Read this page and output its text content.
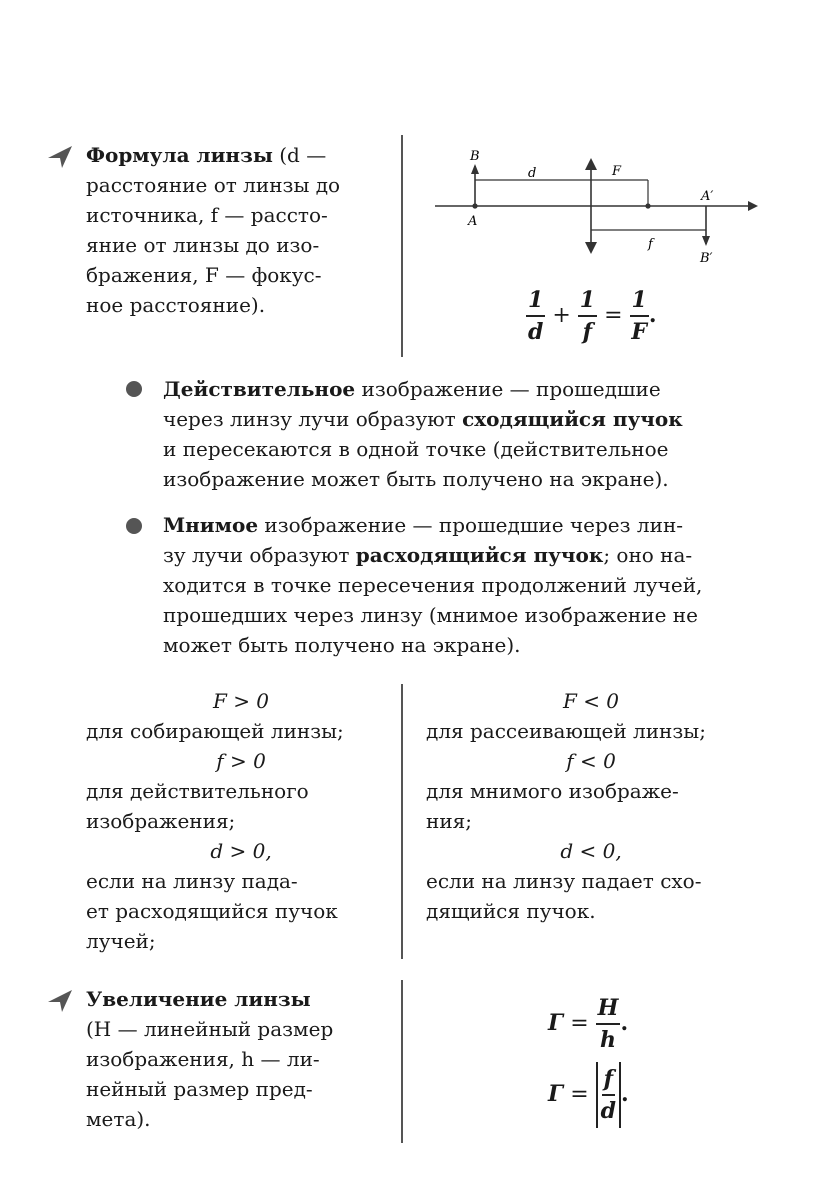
Формула линзы (d —
расстояние от линзы до
источника, f — рассто-
яние от линзы до изо-
бражения, F — фокус-
ное расстояние).
B
A
d	F
A′
f
B′
$\frac{1}{d} + \frac{1}{f} = \frac{1}{F}$ .
Действительное изображение — прошедшие
через линзу лучи образуют сходящийся пучок
и пересекаются в одной точке (действительное
изображение может быть получено на экране).
Мнимое изображение — прошедшие через лин-
зу лучи образуют расходящийся пучок; оно на-
ходится в точке пересечения продолжений лучей,
прошедших через линзу (мнимое изображение не
может быть получено на экране).
F > 0
для собирающей линзы;
f > 0
для действительного
изображения;
d > 0,
если на линзу пада-
ет расходящийся пучок
лучей;
F < 0
для рассеивающей линзы;
f < 0
для мнимого изображе-
ния;
d < 0,
если на линзу падает схо-
дящийся пучок.
Увеличение линзы
(H — линейный размер
изображения, h — ли-
нейный размер пред-
мета).
$Г = \frac{H}{h}$ .
$Г = \frac{f}{d}$ .
